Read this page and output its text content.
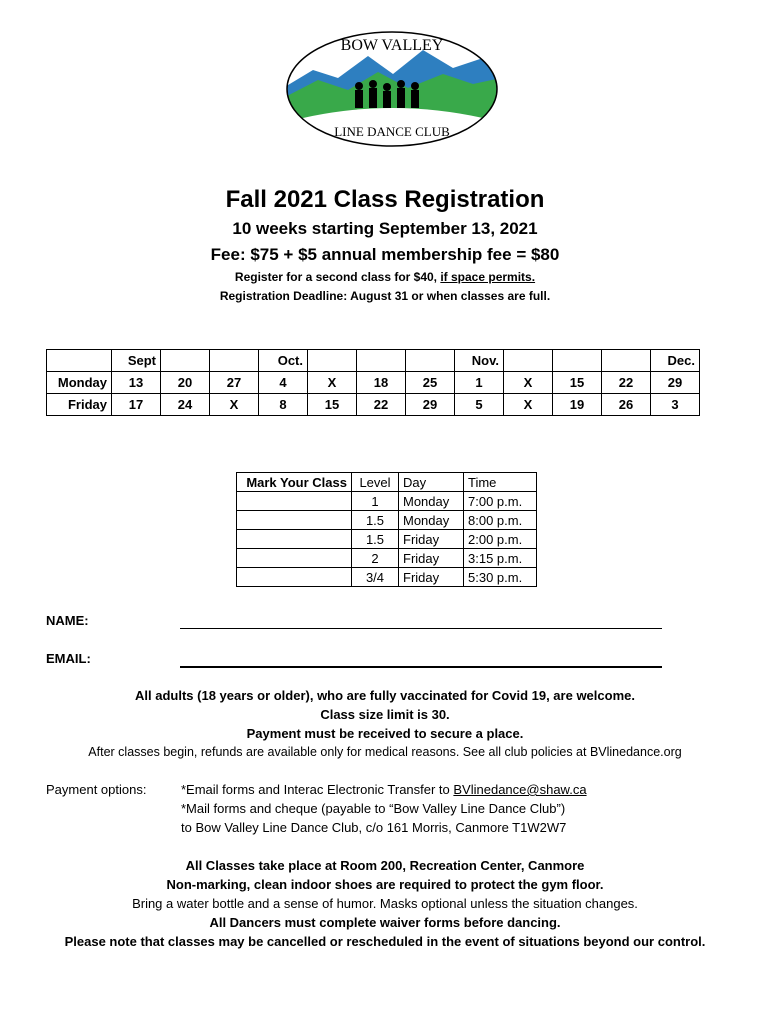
BOW VALLEY
LINE DANCE CLUB
Fall 2021 Class Registration
10 weeks starting September 13, 2021
Fee: $75 + $5 annual membership fee = $80
Register for a second class for $40, if space permits.
Registration Deadline: August 31 or when classes are full.
	Sept			Oct.				Nov.				Dec.
Monday	13	20	27	4	X	18	25	1	X	15	22	29
Friday	17	24	X	8	15	22	29	5	X	19	26	3
Mark Your Class	Level	Day	Time
	1	Monday	7:00 p.m.
	1.5	Monday	8:00 p.m.
	1.5	Friday	2:00 p.m.
	2	Friday	3:15 p.m.
	3/4	Friday	5:30 p.m.
NAME:
EMAIL:
All adults (18 years or older), who are fully vaccinated for Covid 19, are welcome.
Class size limit is 30.
Payment must be received to secure a place.
After classes begin, refunds are available only for medical reasons. See all club policies at BVlinedance.org
Payment options:	*Email forms and Interac Electronic Transfer to BVlinedance@shaw.ca
*Mail forms and cheque (payable to “Bow Valley Line Dance Club”)
to Bow Valley Line Dance Club, c/o 161 Morris, Canmore T1W2W7
All Classes take place at Room 200, Recreation Center, Canmore
Non-marking, clean indoor shoes are required to protect the gym floor.
Bring a water bottle and a sense of humor. Masks optional unless the situation changes.
All Dancers must complete waiver forms before dancing.
Please note that classes may be cancelled or rescheduled in the event of situations beyond our control.
